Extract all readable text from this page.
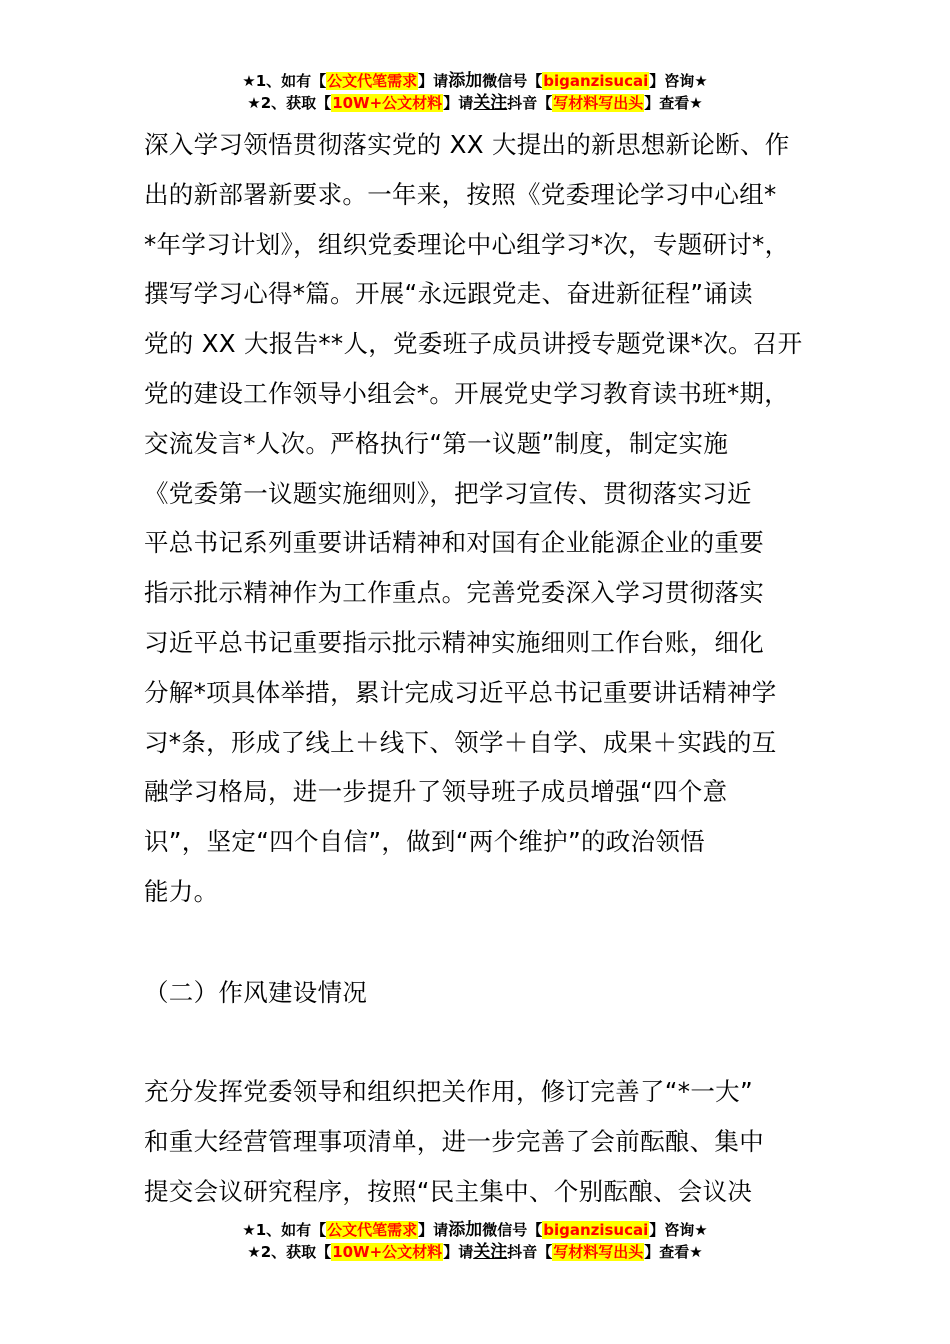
★1、如有【公文代笔需求】请添加微信号【biganzisucai】咨询★
★2、获取【10W+公文材料】请关注抖音【写材料写出头】查看★
深入学习领悟贯彻落实党的 XX 大提出的新思想新论断、作
出的新部署新要求。一年来，按照《党委理论学习中心组*
*年学习计划》，组织党委理论中心组学习*次，专题研讨*，
撰写学习心得*篇。开展“永远跟党走、奋进新征程”诵读
党的 XX 大报告**人，党委班子成员讲授专题党课*次。召开
党的建设工作领导小组会*。开展党史学习教育读书班*期，
交流发言*人次。严格执行“第一议题”制度，制定实施
《党委第一议题实施细则》，把学习宣传、贯彻落实习近
平总书记系列重要讲话精神和对国有企业能源企业的重要
指示批示精神作为工作重点。完善党委深入学习贯彻落实
习近平总书记重要指示批示精神实施细则工作台账，细化
分解*项具体举措，累计完成习近平总书记重要讲话精神学
习*条，形成了线上＋线下、领学＋自学、成果＋实践的互
融学习格局，进一步提升了领导班子成员增强“四个意
识”，坚定“四个自信”，做到“两个维护”的政治领悟
能力。
（二）作风建设情况
充分发挥党委领导和组织把关作用，修订完善了“*一大”
和重大经营管理事项清单，进一步完善了会前酝酿、集中
提交会议研究程序，按照“民主集中、个别酝酿、会议决
★1、如有【公文代笔需求】请添加微信号【biganzisucai】咨询★
★2、获取【10W+公文材料】请关注抖音【写材料写出头】查看★
